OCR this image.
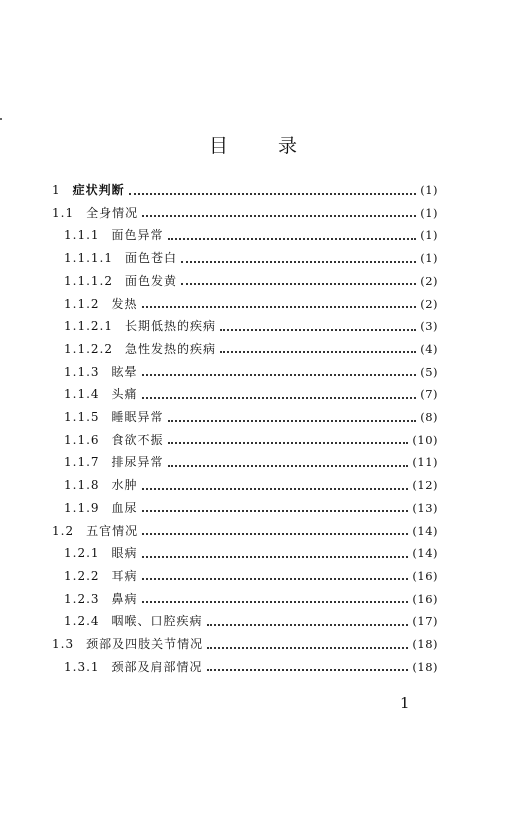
目 录
1 症状判断	(1)
1.1 全身情况	(1)
1.1.1 面色异常	(1)
1.1.1.1 面色苍白	(1)
1.1.1.2 面色发黄	(2)
1.1.2 发热	(2)
1.1.2.1 长期低热的疾病	(3)
1.1.2.2 急性发热的疾病	(4)
1.1.3 眩晕	(5)
1.1.4 头痛	(7)
1.1.5 睡眠异常	(8)
1.1.6 食欲不振	(10)
1.1.7 排尿异常	(11)
1.1.8 水肿	(12)
1.1.9 血尿	(13)
1.2 五官情况	(14)
1.2.1 眼病	(14)
1.2.2 耳病	(16)
1.2.3 鼻病	(16)
1.2.4 咽喉、口腔疾病	(17)
1.3 颈部及四肢关节情况	(18)
1.3.1 颈部及肩部情况	(18)
1
